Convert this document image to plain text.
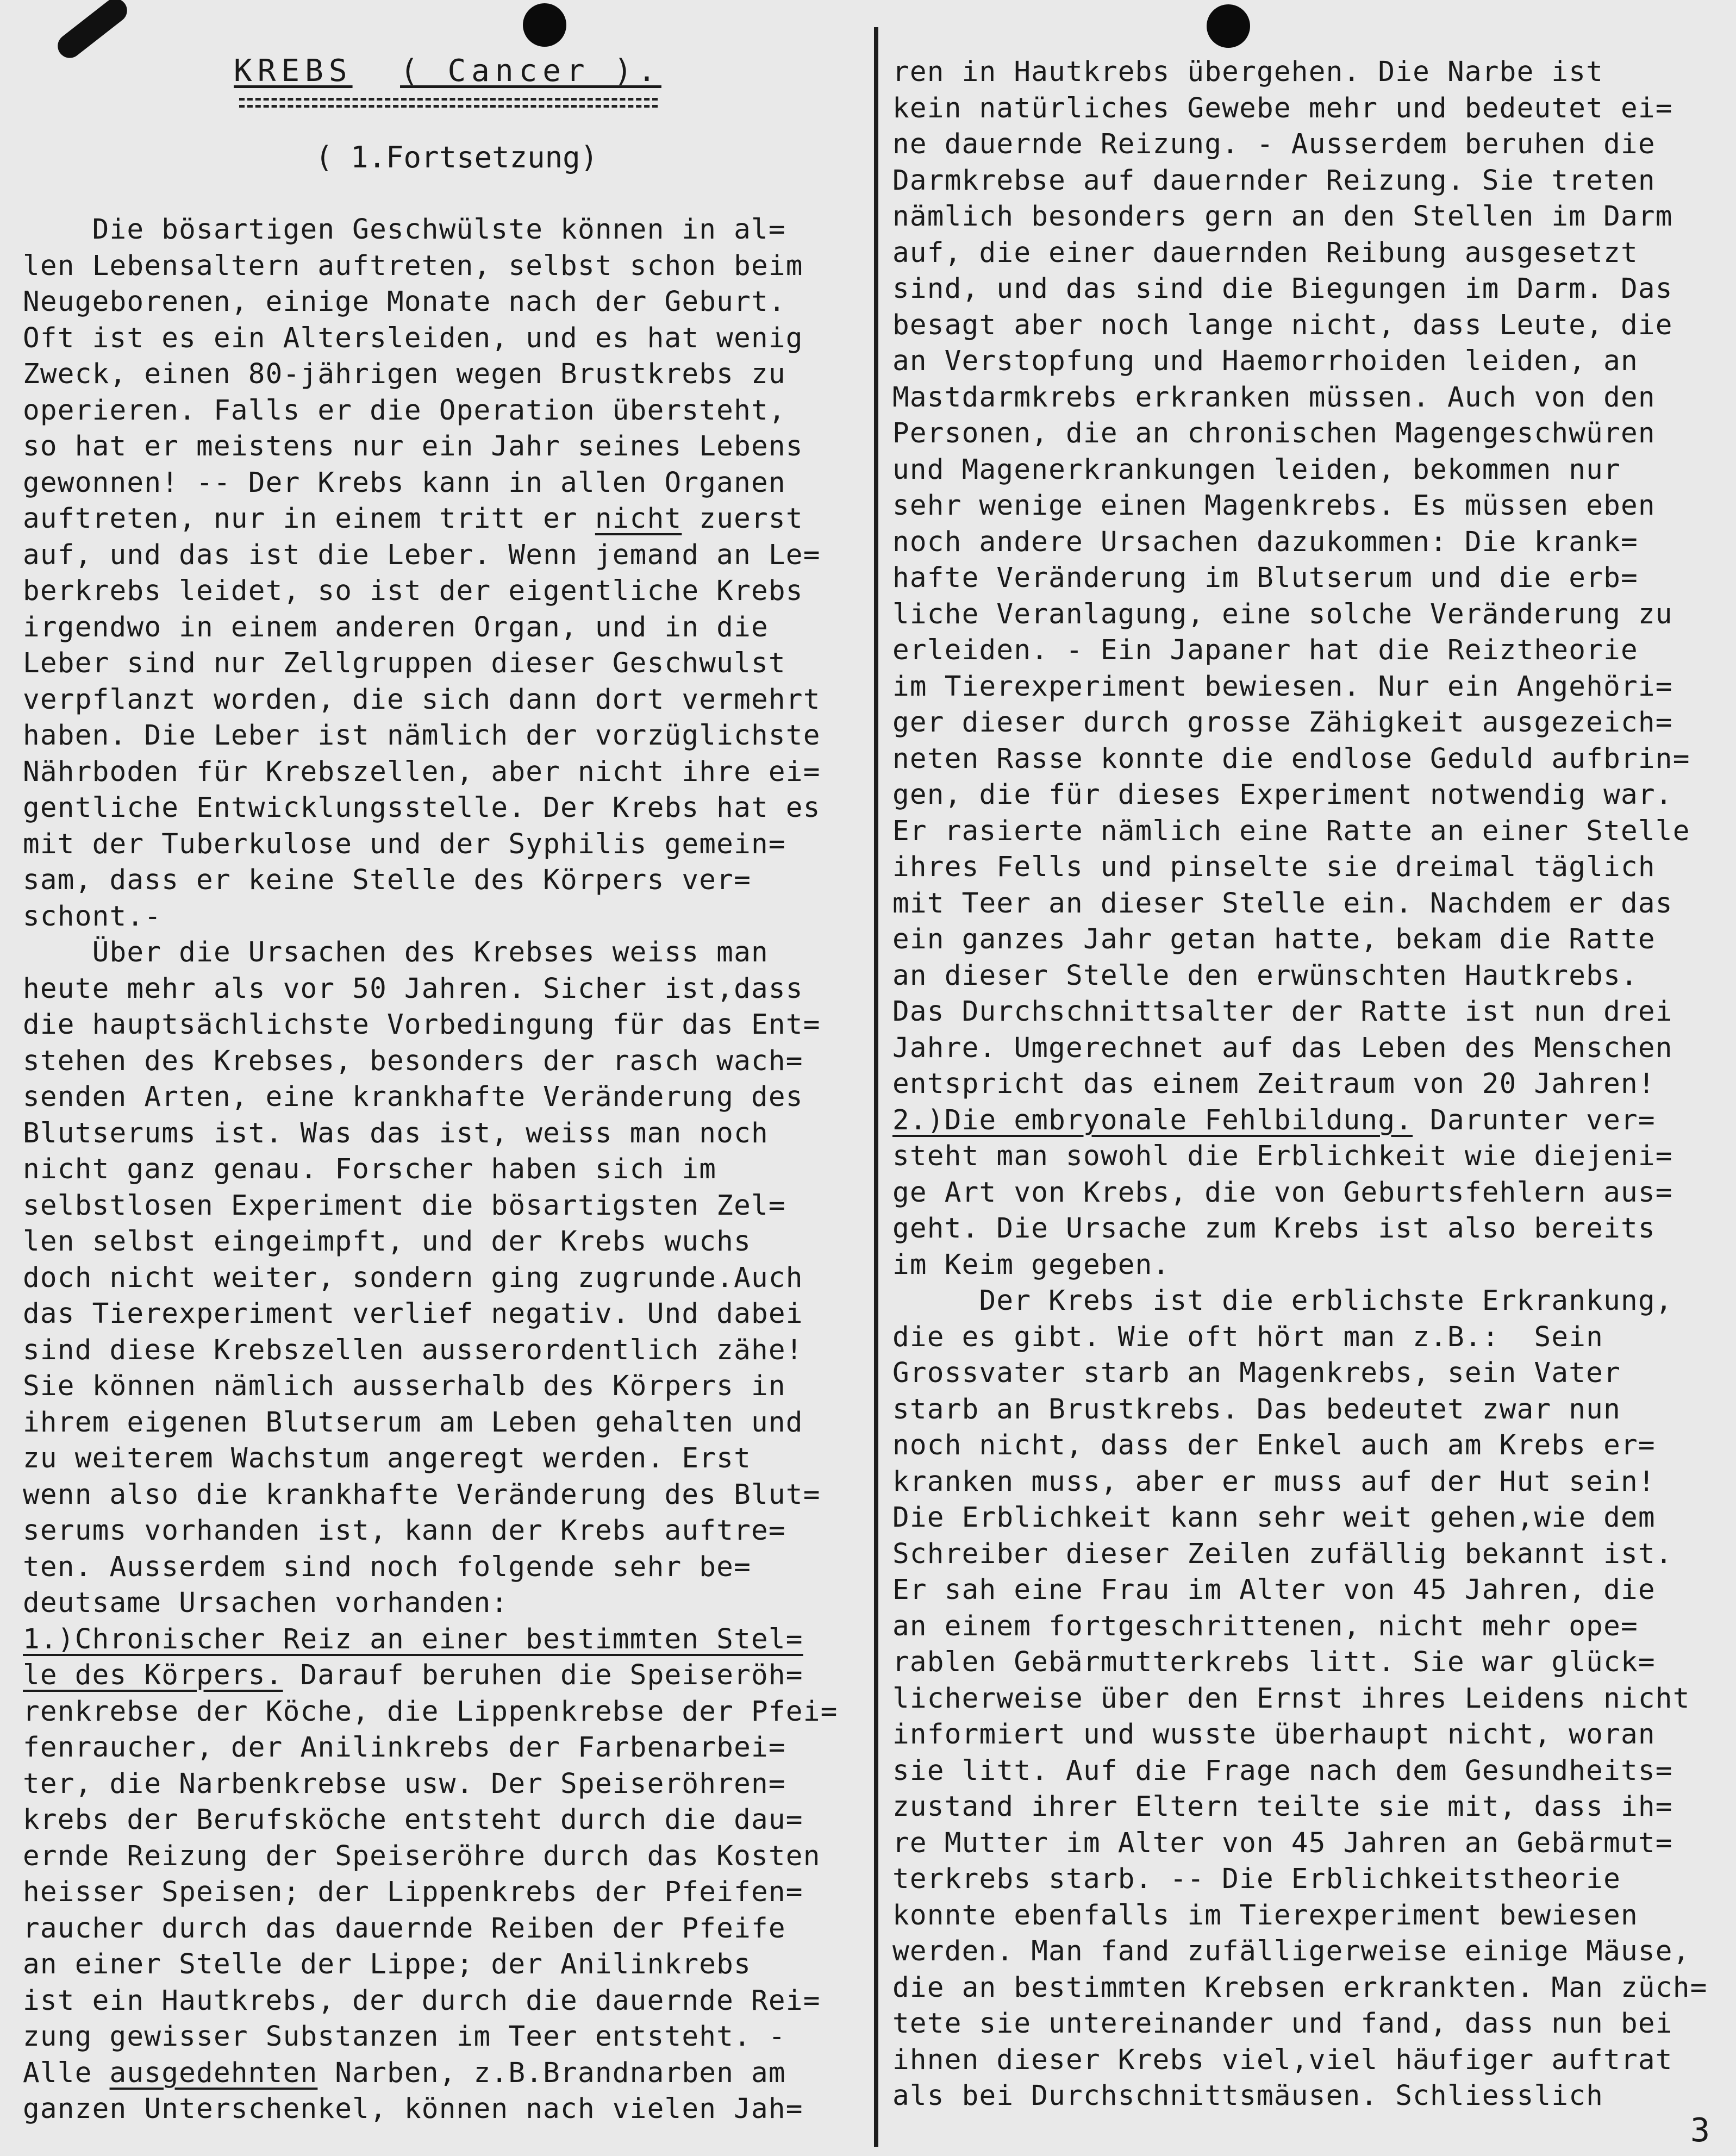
KREBS ( Cancer ).
( 1.Fortsetzung)
Die bösartigen Geschwülste können in al=
len Lebensaltern auftreten, selbst schon beim
Neugeborenen, einige Monate nach der Geburt.
Oft ist es ein Altersleiden, und es hat wenig
Zweck, einen 80-jährigen wegen Brustkrebs zu
operieren. Falls er die Operation übersteht,
so hat er meistens nur ein Jahr seines Lebens
gewonnen! -- Der Krebs kann in allen Organen
auftreten, nur in einem tritt er nicht zuerst
auf, und das ist die Leber. Wenn jemand an Le=
berkrebs leidet, so ist der eigentliche Krebs
irgendwo in einem anderen Organ, und in die
Leber sind nur Zellgruppen dieser Geschwulst
verpflanzt worden, die sich dann dort vermehrt
haben. Die Leber ist nämlich der vorzüglichste
Nährboden für Krebszellen, aber nicht ihre ei=
gentliche Entwicklungsstelle. Der Krebs hat es
mit der Tuberkulose und der Syphilis gemein=
sam, dass er keine Stelle des Körpers ver=
schont.-
Über die Ursachen des Krebses weiss man
heute mehr als vor 50 Jahren. Sicher ist,dass
die hauptsächlichste Vorbedingung für das Ent=
stehen des Krebses, besonders der rasch wach=
senden Arten, eine krankhafte Veränderung des
Blutserums ist. Was das ist, weiss man noch
nicht ganz genau. Forscher haben sich im
selbstlosen Experiment die bösartigsten Zel=
len selbst eingeimpft, und der Krebs wuchs
doch nicht weiter, sondern ging zugrunde.Auch
das Tierexperiment verlief negativ. Und dabei
sind diese Krebszellen ausserordentlich zähe!
Sie können nämlich ausserhalb des Körpers in
ihrem eigenen Blutserum am Leben gehalten und
zu weiterem Wachstum angeregt werden. Erst
wenn also die krankhafte Veränderung des Blut=
serums vorhanden ist, kann der Krebs auftre=
ten. Ausserdem sind noch folgende sehr be=
deutsame Ursachen vorhanden:
1.)Chronischer Reiz an einer bestimmten Stel=
le des Körpers. Darauf beruhen die Speiseröh=
renkrebse der Köche, die Lippenkrebse der Pfei=
fenraucher, der Anilinkrebs der Farbenarbei=
ter, die Narbenkrebse usw. Der Speiseröhren=
krebs der Berufsköche entsteht durch die dau=
ernde Reizung der Speiseröhre durch das Kosten
heisser Speisen; der Lippenkrebs der Pfeifen=
raucher durch das dauernde Reiben der Pfeife
an einer Stelle der Lippe; der Anilinkrebs
ist ein Hautkrebs, der durch die dauernde Rei=
zung gewisser Substanzen im Teer entsteht. -
Alle ausgedehnten Narben, z.B.Brandnarben am
ganzen Unterschenkel, können nach vielen Jah=
ren in Hautkrebs übergehen. Die Narbe ist
kein natürliches Gewebe mehr und bedeutet ei=
ne dauernde Reizung. - Ausserdem beruhen die
Darmkrebse auf dauernder Reizung. Sie treten
nämlich besonders gern an den Stellen im Darm
auf, die einer dauernden Reibung ausgesetzt
sind, und das sind die Biegungen im Darm. Das
besagt aber noch lange nicht, dass Leute, die
an Verstopfung und Haemorrhoiden leiden, an
Mastdarmkrebs erkranken müssen. Auch von den
Personen, die an chronischen Magengeschwüren
und Magenerkrankungen leiden, bekommen nur
sehr wenige einen Magenkrebs. Es müssen eben
noch andere Ursachen dazukommen: Die krank=
hafte Veränderung im Blutserum und die erb=
liche Veranlagung, eine solche Veränderung zu
erleiden. - Ein Japaner hat die Reiztheorie
im Tierexperiment bewiesen. Nur ein Angehöri=
ger dieser durch grosse Zähigkeit ausgezeich=
neten Rasse konnte die endlose Geduld aufbrin=
gen, die für dieses Experiment notwendig war.
Er rasierte nämlich eine Ratte an einer Stelle
ihres Fells und pinselte sie dreimal täglich
mit Teer an dieser Stelle ein. Nachdem er das
ein ganzes Jahr getan hatte, bekam die Ratte
an dieser Stelle den erwünschten Hautkrebs.
Das Durchschnittsalter der Ratte ist nun drei
Jahre. Umgerechnet auf das Leben des Menschen
entspricht das einem Zeitraum von 20 Jahren!
2.)Die embryonale Fehlbildung. Darunter ver=
steht man sowohl die Erblichkeit wie diejeni=
ge Art von Krebs, die von Geburtsfehlern aus=
geht. Die Ursache zum Krebs ist also bereits
im Keim gegeben.
Der Krebs ist die erblichste Erkrankung,
die es gibt. Wie oft hört man z.B.:  Sein
Grossvater starb an Magenkrebs, sein Vater
starb an Brustkrebs. Das bedeutet zwar nun
noch nicht, dass der Enkel auch am Krebs er=
kranken muss, aber er muss auf der Hut sein!
Die Erblichkeit kann sehr weit gehen,wie dem
Schreiber dieser Zeilen zufällig bekannt ist.
Er sah eine Frau im Alter von 45 Jahren, die
an einem fortgeschrittenen, nicht mehr ope=
rablen Gebärmutterkrebs litt. Sie war glück=
licherweise über den Ernst ihres Leidens nicht
informiert und wusste überhaupt nicht, woran
sie litt. Auf die Frage nach dem Gesundheits=
zustand ihrer Eltern teilte sie mit, dass ih=
re Mutter im Alter von 45 Jahren an Gebärmut=
terkrebs starb. -- Die Erblichkeitstheorie
konnte ebenfalls im Tierexperiment bewiesen
werden. Man fand zufälligerweise einige Mäuse,
die an bestimmten Krebsen erkrankten. Man züch=
tete sie untereinander und fand, dass nun bei
ihnen dieser Krebs viel,viel häufiger auftrat
als bei Durchschnittsmäusen. Schliesslich
3
